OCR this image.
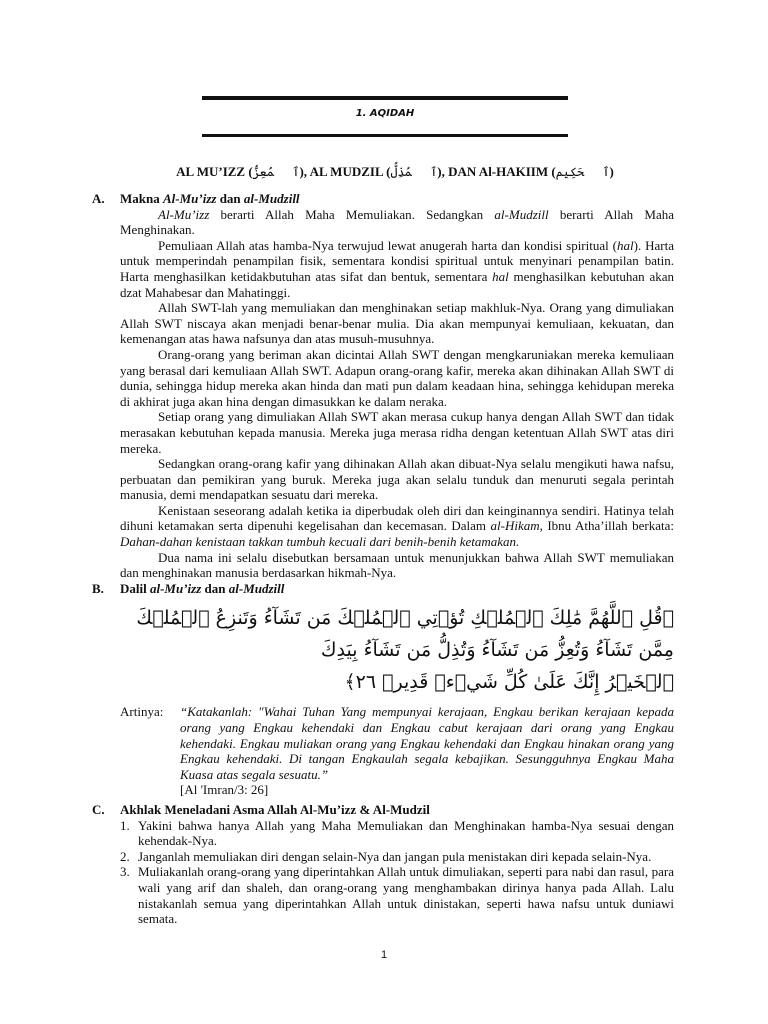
1. AQIDAH
AL MU’IZZ (ٱلۡمُعِزُّ), AL MUDZIL (ٱلۡمُذِلُّ), DAN Al-HAKIIM (ٱلۡحَكِيم)
A.	Makna Al-Mu’izz dan al-Mudzill

Al-Mu’izz berarti Allah Maha Memuliakan. Sedangkan al-Mudzill berarti Allah Maha Menghinakan.

Pemuliaan Allah atas hamba-Nya terwujud lewat anugerah harta dan kondisi spiritual (hal). Harta untuk memperindah penampilan fisik, sementara kondisi spiritual untuk menyinari penampilan batin. Harta menghasilkan ketidakbutuhan atas sifat dan bentuk, sementara hal menghasilkan kebutuhan akan dzat Mahabesar dan Mahatinggi.

Allah SWT-lah yang memuliakan dan menghinakan setiap makhluk-Nya. Orang yang dimuliakan Allah SWT niscaya akan menjadi benar-benar mulia. Dia akan mempunyai kemuliaan, kekuatan, dan kemenangan atas hawa nafsunya dan atas musuh-musuhnya.

Orang-orang yang beriman akan dicintai Allah SWT dengan mengkaruniakan mereka kemuliaan yang berasal dari kemuliaan Allah SWT. Adapun orang-orang kafir, mereka akan dihinakan Allah SWT di dunia, sehingga hidup mereka akan hinda dan mati pun dalam keadaan hina, sehingga kehidupan mereka di akhirat juga akan hina dengan dimasukkan ke dalam neraka.

Setiap orang yang dimuliakan Allah SWT akan merasa cukup hanya dengan Allah SWT dan tidak merasakan kebutuhan kepada manusia. Mereka juga merasa ridha dengan ketentuan Allah SWT atas diri mereka.

Sedangkan orang-orang kafir yang dihinakan Allah akan dibuat-Nya selalu mengikuti hawa nafsu, perbuatan dan pemikiran yang buruk. Mereka juga akan selalu tunduk dan menuruti segala perintah manusia, demi mendapatkan sesuatu dari mereka.

Kenistaan seseorang adalah ketika ia diperbudak oleh diri dan keinginannya sendiri. Hatinya telah dihuni ketamakan serta dipenuhi kegelisahan dan kecemasan. Dalam al-Hikam, Ibnu Atha’illah berkata: Dahan-dahan kenistaan takkan tumbuh kecuali dari benih-benih ketamakan.

Dua nama ini selalu disebutkan bersamaan untuk menunjukkan bahwa Allah SWT memuliakan dan menghinakan manusia berdasarkan hikmah-Nya.

B.	Dalil al-Mu’izz dan al-Mudzill
﴿قُلِ ٱللَّهُمَّ مَٰلِكَ ٱلۡمُلۡكِ تُؤۡتِي ٱلۡمُلۡكَ مَن تَشَآءُ وَتَنزِعُ ٱلۡمُلۡكَ مِمَّن تَشَآءُ وَتُعِزُّ مَن تَشَآءُ وَتُذِلُّ مَن تَشَآءُ بِيَدِكَ
ٱلۡخَيۡرُ إِنَّكَ عَلَىٰ كُلِّ شَيۡءٖ قَدِيرٞ ٢٦﴾
Artinya: “Katakanlah: "Wahai Tuhan Yang mempunyai kerajaan, Engkau berikan kerajaan kepada orang yang Engkau kehendaki dan Engkau cabut kerajaan dari orang yang Engkau kehendaki. Engkau muliakan orang yang Engkau kehendaki dan Engkau hinakan orang yang Engkau kehendaki. Di tangan Engkaulah segala kebajikan. Sesungguhnya Engkau Maha Kuasa atas segala sesuatu.”
[Al 'Imran/3: 26]
C.	Akhlak Meneladani Asma Allah Al-Mu’izz & Al-Mudzil
1. Yakini bahwa hanya Allah yang Maha Memuliakan dan Menghinakan hamba-Nya sesuai dengan kehendak-Nya.
2. Janganlah memuliakan diri dengan selain-Nya dan jangan pula menistakan diri kepada selain-Nya.
3. Muliakanlah orang-orang yang diperintahkan Allah untuk dimuliakan, seperti para nabi dan rasul, para wali yang arif dan shaleh, dan orang-orang yang menghambakan dirinya hanya pada Allah. Lalu nistakanlah semua yang diperintahkan Allah untuk dinistakan, seperti hawa nafsu untuk duniawi semata.
1
